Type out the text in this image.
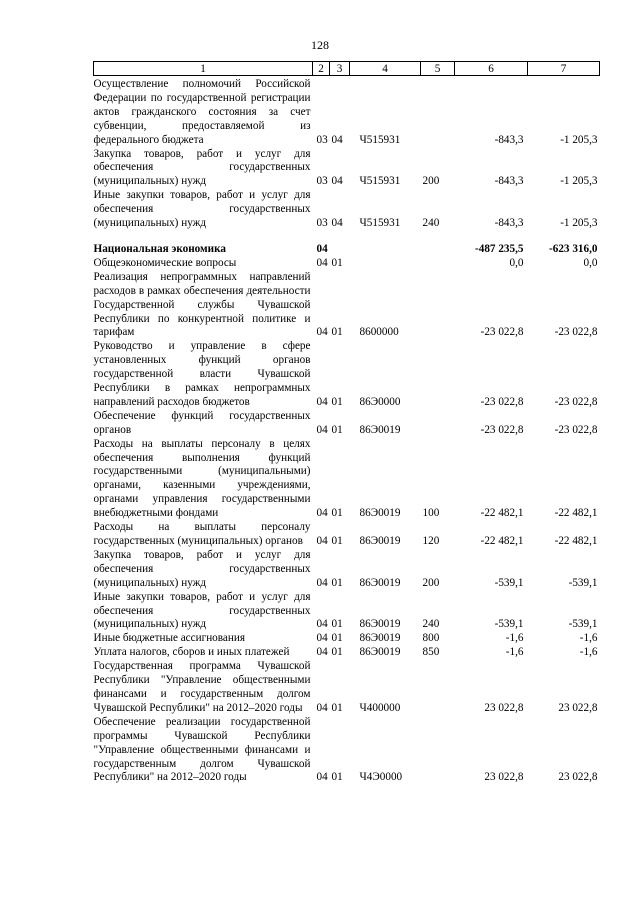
128
1	2	3	4	5	6	7
Осуществление полномочий Российской Федерации по государственной регистрации актов гражданского состояния за счет субвенции, предоставляемой из федерального бюджета	03	04	Ч515931		-843,3	-1 205,3
Закупка товаров, работ и услуг для обеспечения государственных (муниципальных) нужд	03	04	Ч515931	200	-843,3	-1 205,3
Иные закупки товаров, работ и услуг для обеспечения государственных (муниципальных) нужд	03	04	Ч515931	240	-843,3	-1 205,3

Национальная экономика	04				-487 235,5	-623 316,0
Общеэкономические вопросы	04	01			0,0	0,0
Реализация непрограммных направлений расходов в рамках обеспечения деятельности Государственной службы Чувашской Республики по конкурентной политике и тарифам	04	01	8600000		-23 022,8	-23 022,8
Руководство и управление в сфере установленных функций органов государственной власти Чувашской Республики в рамках непрограммных направлений расходов бюджетов	04	01	86Э0000		-23 022,8	-23 022,8
Обеспечение функций государственных органов	04	01	86Э0019		-23 022,8	-23 022,8
Расходы на выплаты персоналу в целях обеспечения выполнения функций государственными (муниципальными) органами, казенными учреждениями, органами управления государственными внебюджетными фондами	04	01	86Э0019	100	-22 482,1	-22 482,1
Расходы на выплаты персоналу государственных (муниципальных) органов	04	01	86Э0019	120	-22 482,1	-22 482,1
Закупка товаров, работ и услуг для обеспечения государственных (муниципальных) нужд	04	01	86Э0019	200	-539,1	-539,1
Иные закупки товаров, работ и услуг для обеспечения государственных (муниципальных) нужд	04	01	86Э0019	240	-539,1	-539,1
Иные бюджетные ассигнования	04	01	86Э0019	800	-1,6	-1,6
Уплата налогов, сборов и иных платежей	04	01	86Э0019	850	-1,6	-1,6
Государственная программа Чувашской Республики "Управление общественными финансами и государственным долгом Чувашской Республики" на 2012–2020 годы	04	01	Ч400000		23 022,8	23 022,8
Обеспечение реализации государственной программы Чувашской Республики "Управление общественными финансами и государственным долгом Чувашской Республики" на 2012–2020 годы	04	01	Ч4Э0000		23 022,8	23 022,8
